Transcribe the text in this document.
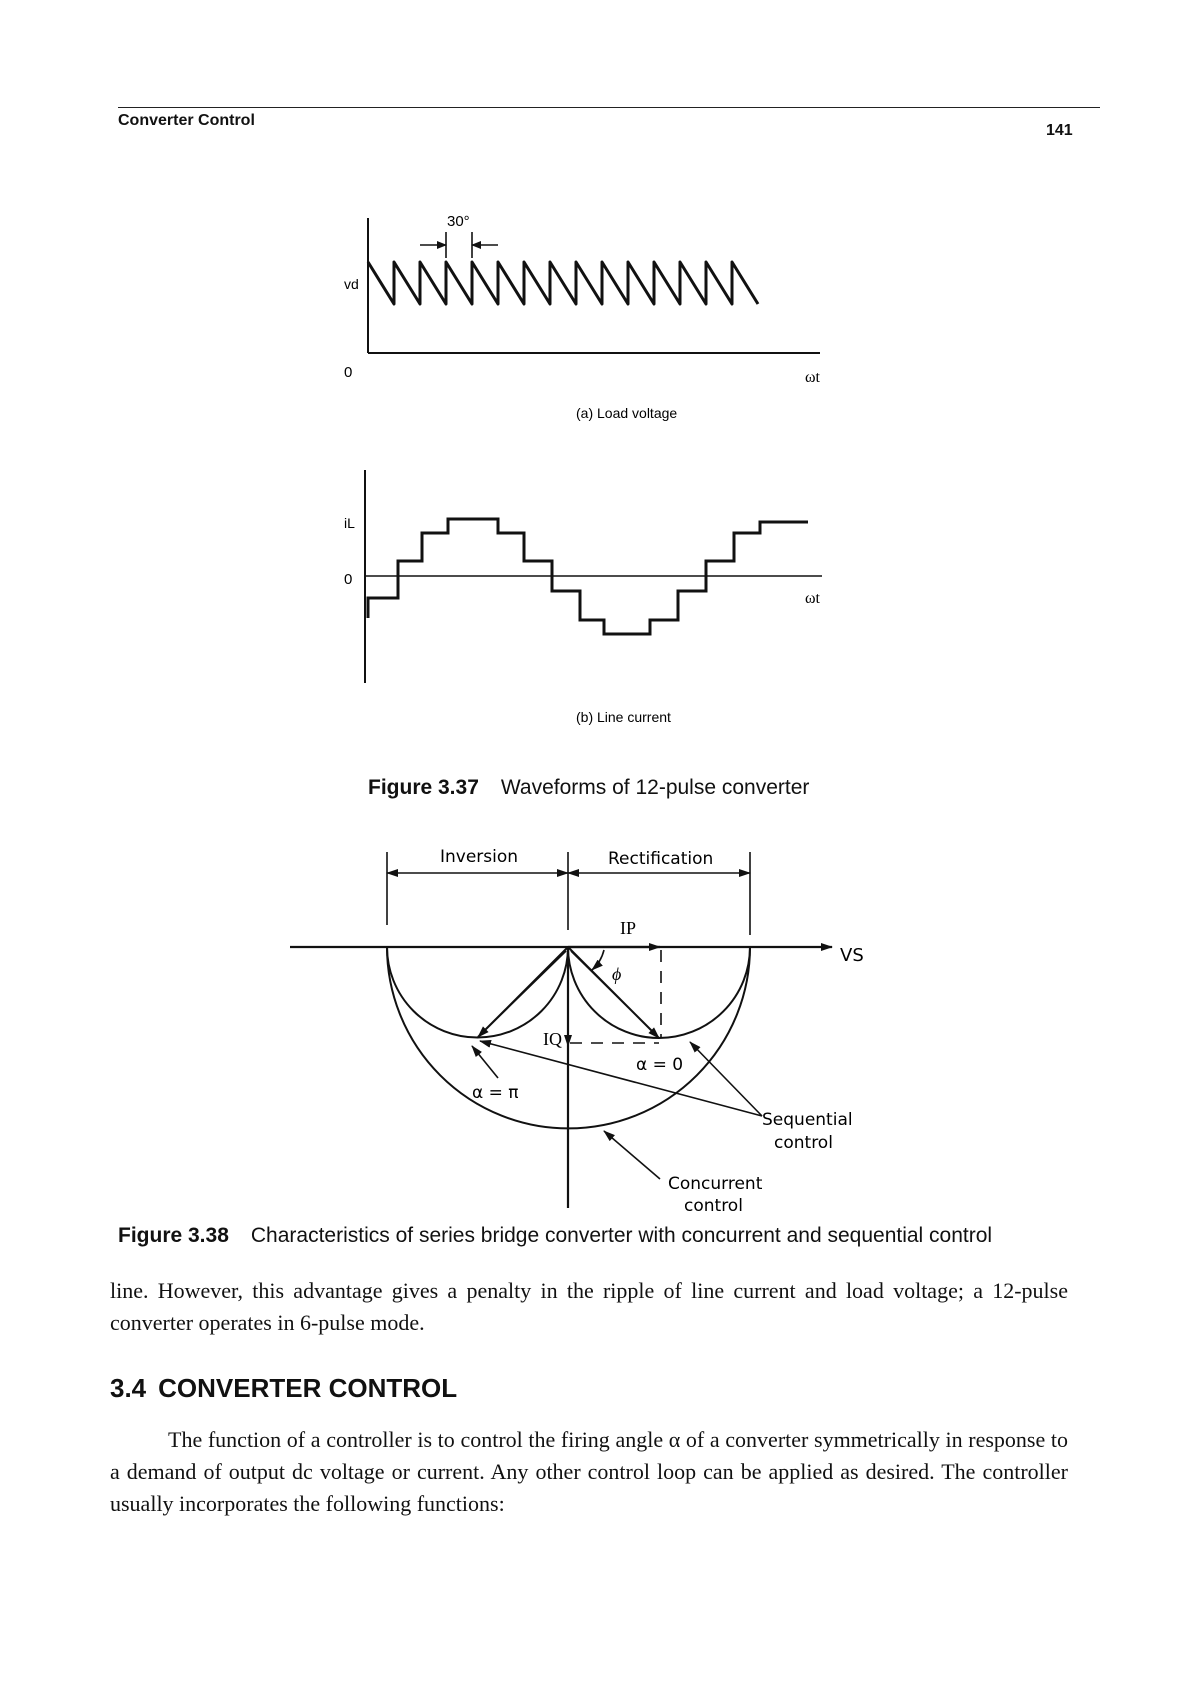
Converter Control
141
30°
vd
0	ωt
(a) Load voltage
iL
0
ωt
(b) Line current
Figure 3.37 Waveforms of 12-pulse converter
Inversion	Rectification
VS
IP
ϕ
IQ
α = 0
α = π
Sequential
control
Concurrent
control
Figure 3.38 Characteristics of series bridge converter with concurrent and sequential control
line. However, this advantage gives a penalty in the ripple of line current and load voltage; a 12-pulse converter operates in 6-pulse mode.
3.4 CONVERTER CONTROL
The function of a controller is to control the firing angle α of a converter symmetrically in response to a demand of output dc voltage or current. Any other control loop can be applied as desired. The controller usually incorporates the following functions:
